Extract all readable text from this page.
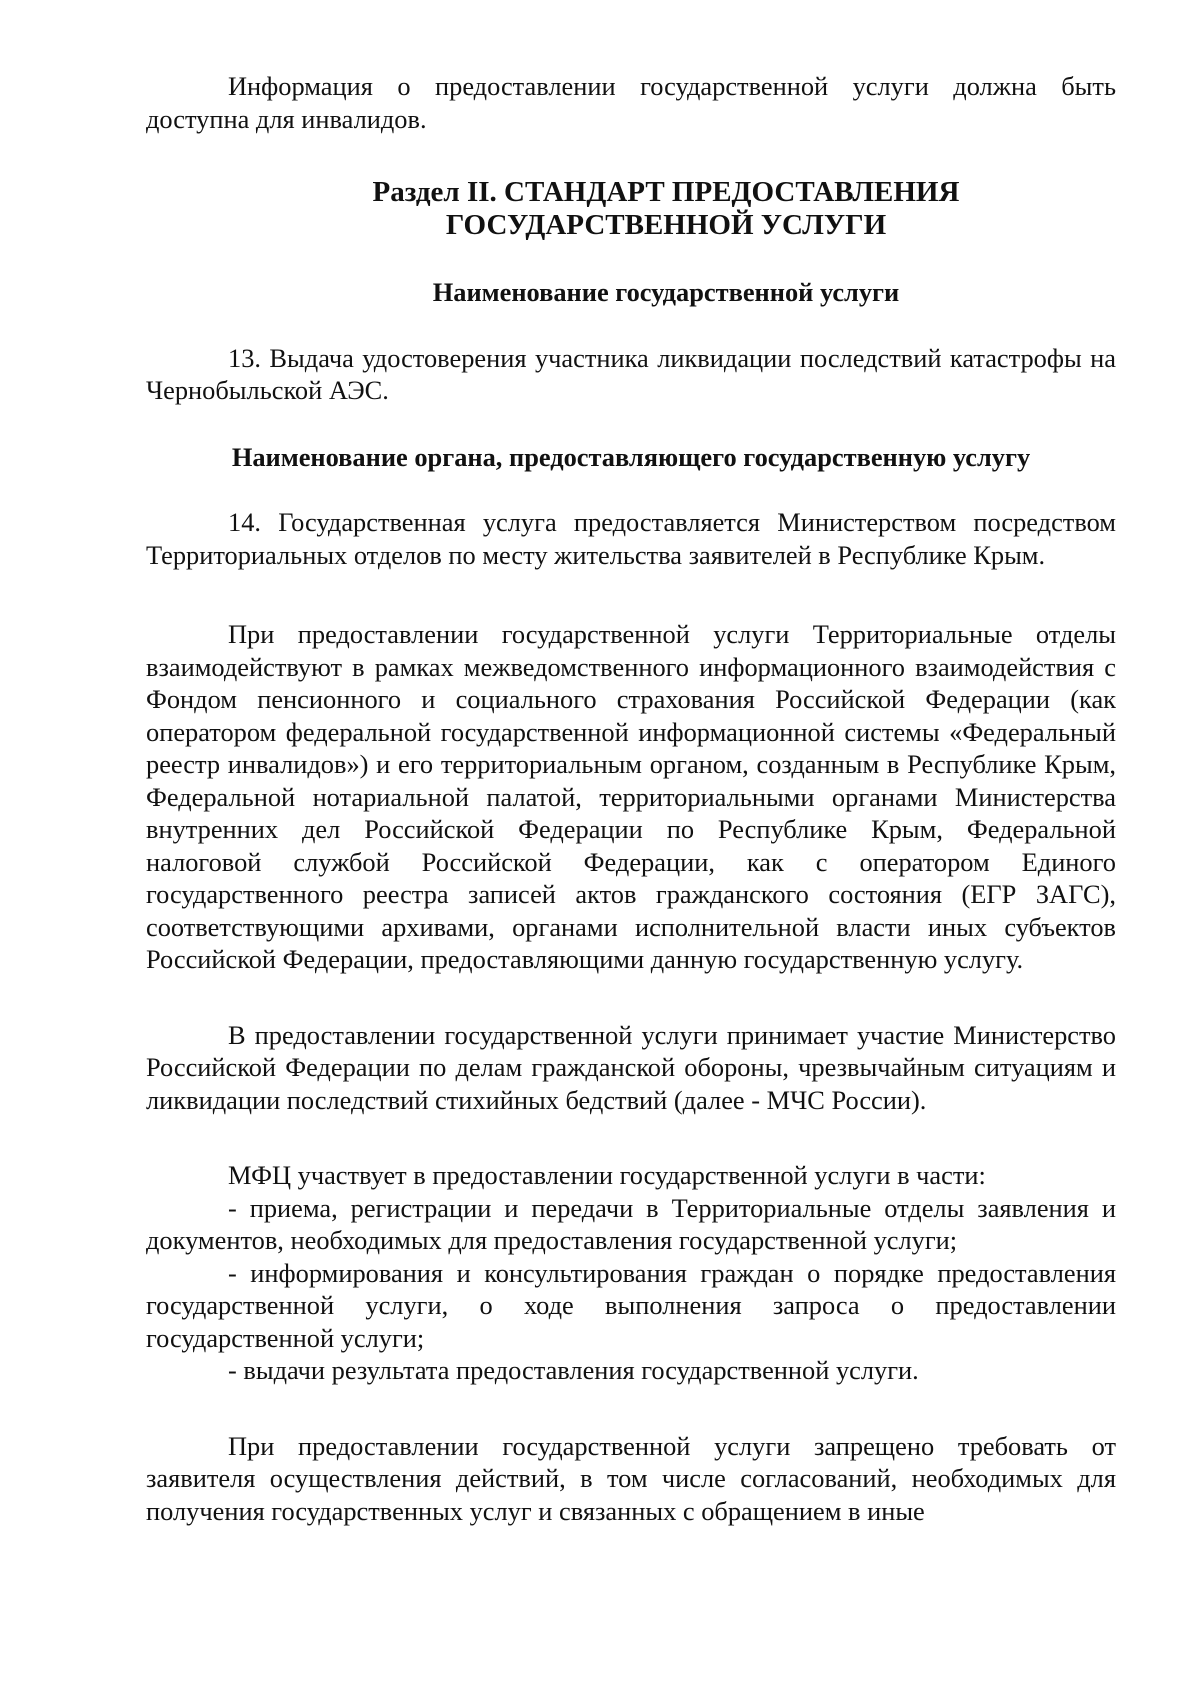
Информация о предоставлении государственной услуги должна быть доступна для инвалидов.

Раздел II. СТАНДАРТ ПРЕДОСТАВЛЕНИЯ ГОСУДАРСТВЕННОЙ УСЛУГИ

Наименование государственной услуги

13. Выдача удостоверения участника ликвидации последствий катастрофы на Чернобыльской АЭС.

Наименование органа, предоставляющего государственную услугу

14. Государственная услуга предоставляется Министерством посредством Территориальных отделов по месту жительства заявителей в Республике Крым.

При предоставлении государственной услуги Территориальные отделы взаимодействуют в рамках межведомственного информационного взаимодействия с Фондом пенсионного и социального страхования Российской Федерации (как оператором федеральной государственной информационной системы «Федеральный реестр инвалидов») и его территориальным органом, созданным в Республике Крым, Федеральной нотариальной палатой, территориальными органами Министерства внутренних дел Российской Федерации по Республике Крым, Федеральной налоговой службой Российской Федерации, как с оператором Единого государственного реестра записей актов гражданского состояния (ЕГР ЗАГС), соответствующими архивами, органами исполнительной власти иных субъектов Российской Федерации, предоставляющими данную государственную услугу.

В предоставлении государственной услуги принимает участие Министерство Российской Федерации по делам гражданской обороны, чрезвычайным ситуациям и ликвидации последствий стихийных бедствий (далее - МЧС России).

МФЦ участвует в предоставлении государственной услуги в части:

- приема, регистрации и передачи в Территориальные отделы заявления и документов, необходимых для предоставления государственной услуги;

- информирования и консультирования граждан о порядке предоставления государственной услуги, о ходе выполнения запроса о предоставлении государственной услуги;

- выдачи результата предоставления государственной услуги.

При предоставлении государственной услуги запрещено требовать от заявителя осуществления действий, в том числе согласований, необходимых для получения государственных услуг и связанных с обращением в иные
